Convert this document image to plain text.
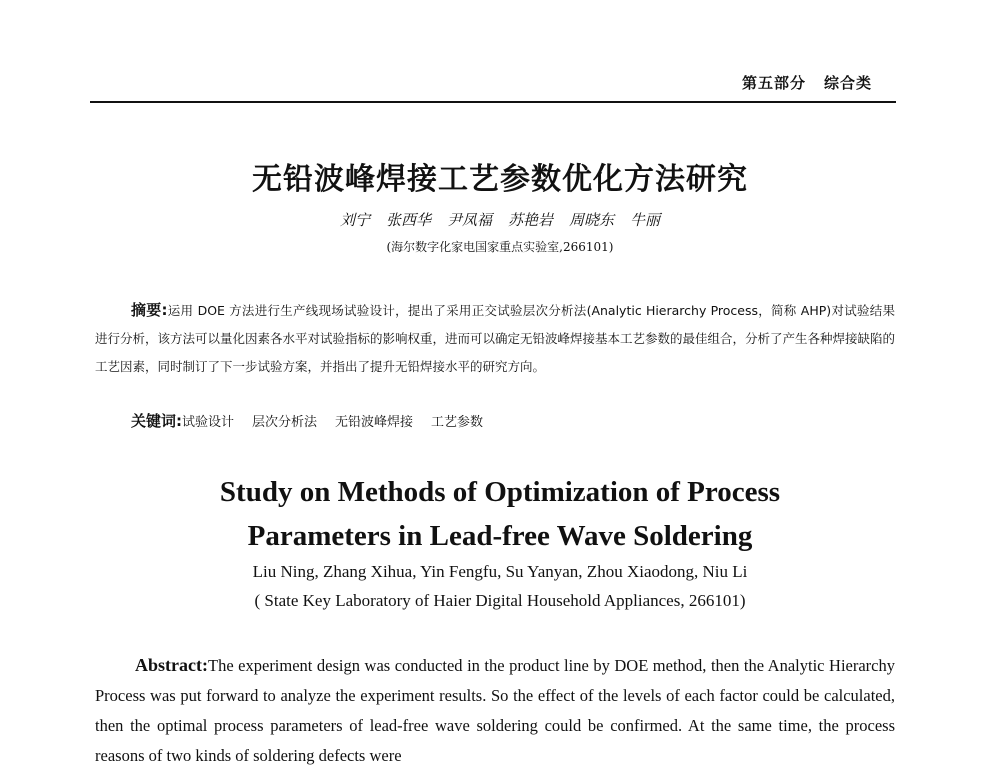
第五部分 综合类
无铅波峰焊接工艺参数优化方法研究
刘宁 张西华 尹凤福 苏艳岩 周晓东 牛丽
(海尔数字化家电国家重点实验室,266101)
摘要:运用 DOE 方法进行生产线现场试验设计，提出了采用正交试验层次分析法(Analytic Hierarchy Process，简称 AHP)对试验结果进行分析，该方法可以量化因素各水平对试验指标的影响权重，进而可以确定无铅波峰焊接基本工艺参数的最佳组合，分析了产生各种焊接缺陷的工艺因素，同时制订了下一步试验方案，并指出了提升无铅焊接水平的研究方向。
关键词:试验设计 层次分析法 无铅波峰焊接 工艺参数
Study on Methods of Optimization of Process
Parameters in Lead-free Wave Soldering
Liu Ning, Zhang Xihua, Yin Fengfu, Su Yanyan, Zhou Xiaodong, Niu Li
( State Key Laboratory of Haier Digital Household Appliances, 266101)
Abstract:The experiment design was conducted in the product line by DOE method, then the Analytic Hierarchy Process was put forward to analyze the experiment results. So the effect of the levels of each factor could be calculated, then the optimal process parameters of lead-free wave soldering could be confirmed. At the same time, the process reasons of two kinds of soldering defects were
